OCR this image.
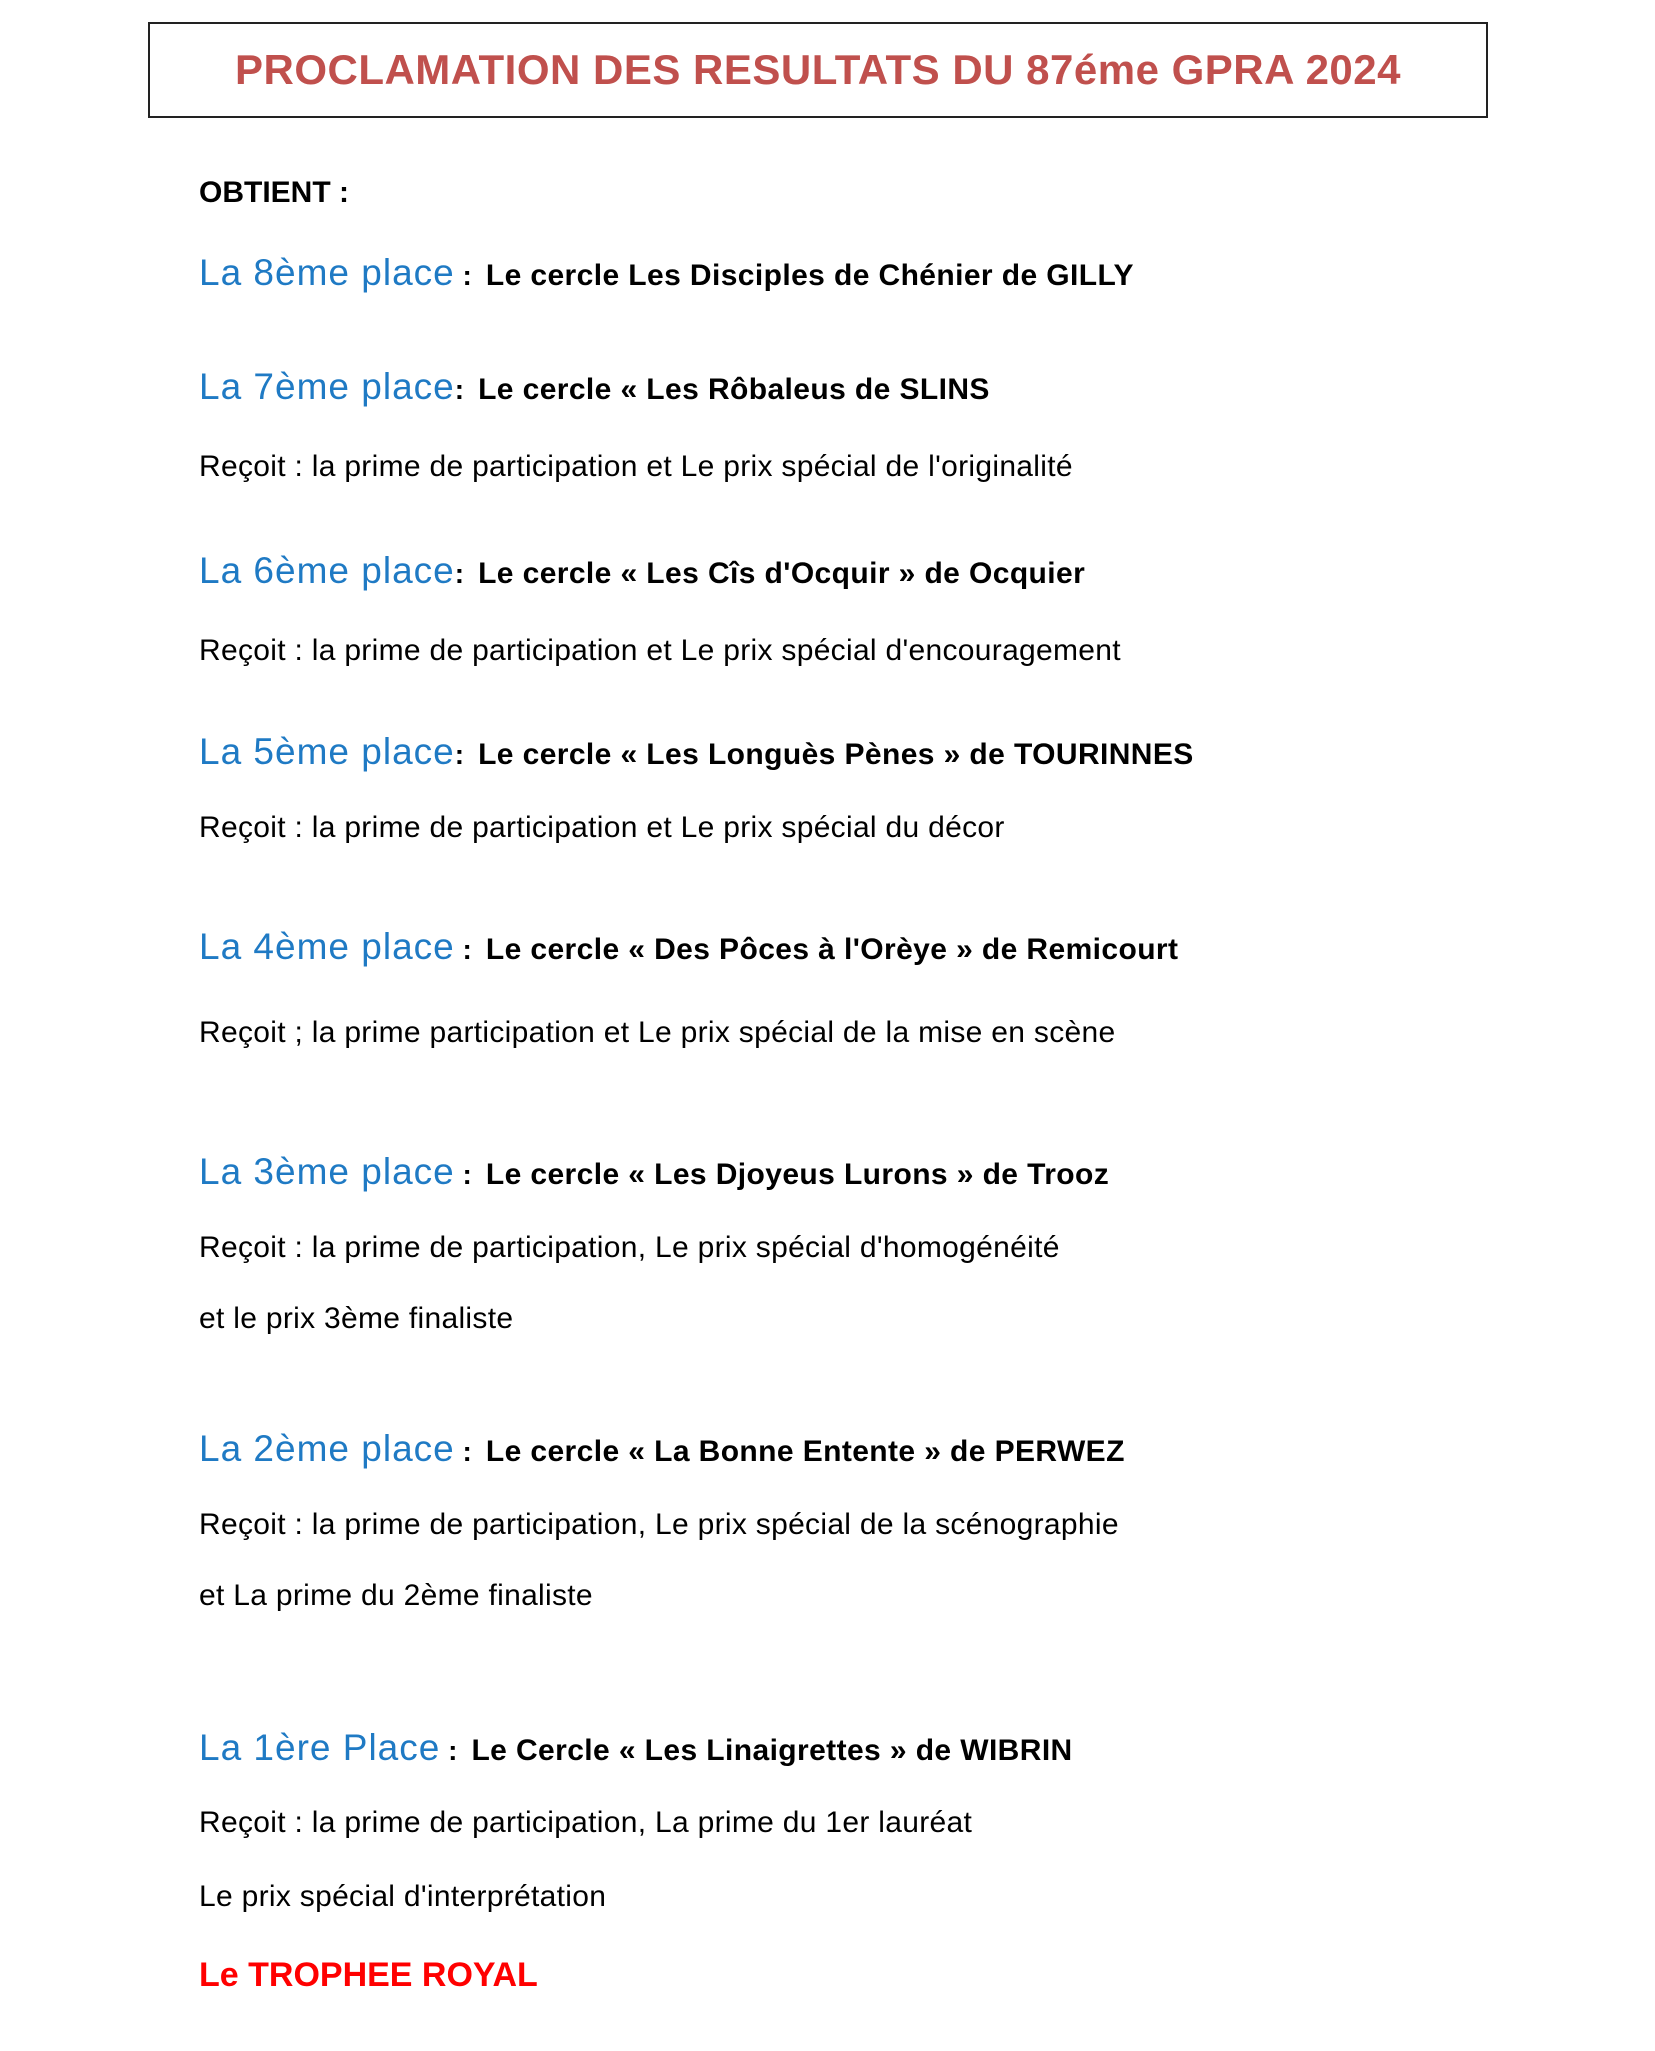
PROCLAMATION DES RESULTATS DU 87éme GPRA 2024
OBTIENT :
La 8ème place : Le cercle Les Disciples de Chénier de GILLY
La 7ème place: Le cercle « Les Rôbaleus de SLINS
Reçoit : la prime de participation et Le prix spécial de l'originalité
La 6ème place: Le cercle « Les Cîs d'Ocquir » de Ocquier
Reçoit : la prime de participation et Le prix spécial d'encouragement
La 5ème place: Le cercle « Les Longuès Pènes » de TOURINNES
Reçoit : la prime de participation et Le prix spécial du décor
La 4ème place : Le cercle « Des Pôces à l'Orèye » de Remicourt
Reçoit ; la prime participation et Le prix spécial de la mise en scène
La 3ème place : Le cercle « Les Djoyeus Lurons » de Trooz
Reçoit : la prime de participation, Le prix spécial d'homogénéité
et le prix 3ème finaliste
La 2ème place : Le cercle « La Bonne Entente » de PERWEZ
Reçoit : la prime de participation, Le prix spécial de la scénographie
et La prime du 2ème finaliste
La 1ère Place : Le Cercle « Les Linaigrettes » de WIBRIN
Reçoit : la prime de participation, La prime du 1er lauréat
Le prix spécial d'interprétation
Le TROPHEE ROYAL
